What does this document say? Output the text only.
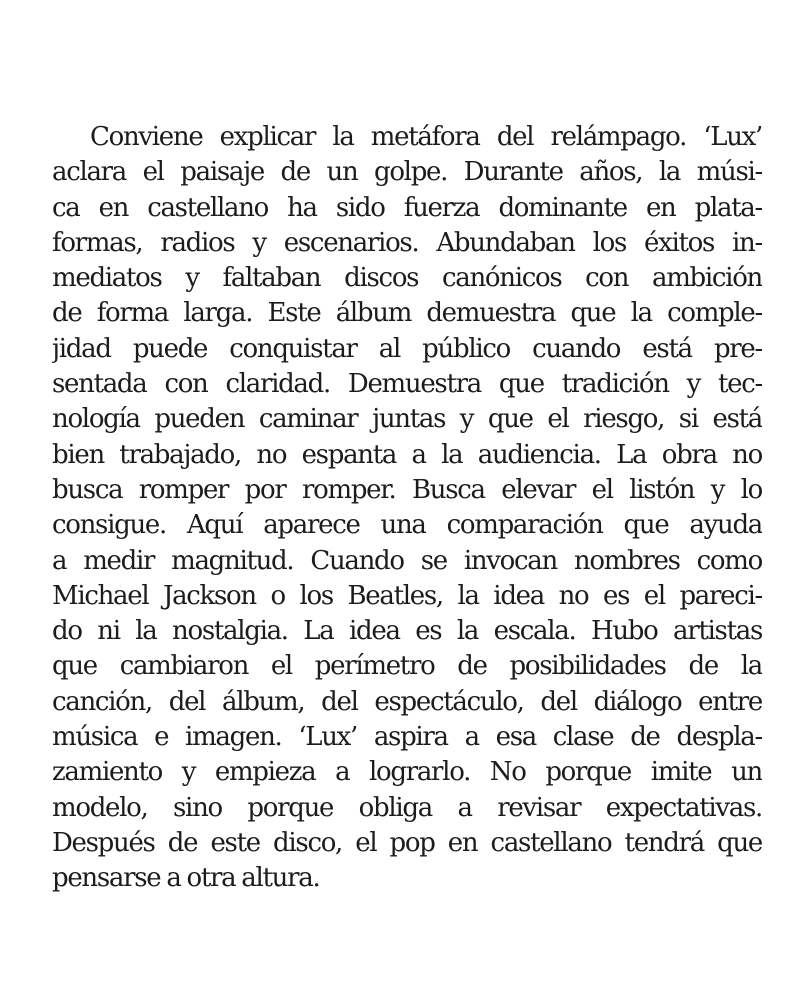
Conviene explicar la metáfora del relámpago. ‘Lux’
aclara el paisaje de un golpe. Durante años, la músi-
ca en castellano ha sido fuerza dominante en plata-
formas, radios y escenarios. Abundaban los éxitos in-
mediatos y faltaban discos canónicos con ambición
de forma larga. Este álbum demuestra que la comple-
jidad puede conquistar al público cuando está pre-
sentada con claridad. Demuestra que tradición y tec-
nología pueden caminar juntas y que el riesgo, si está
bien trabajado, no espanta a la audiencia. La obra no
busca romper por romper. Busca elevar el listón y lo
consigue. Aquí aparece una comparación que ayuda
a medir magnitud. Cuando se invocan nombres como
Michael Jackson o los Beatles, la idea no es el pareci-
do ni la nostalgia. La idea es la escala. Hubo artistas
que cambiaron el perímetro de posibilidades de la
canción, del álbum, del espectáculo, del diálogo entre
música e imagen. ‘Lux’ aspira a esa clase de despla-
zamiento y empieza a lograrlo. No porque imite un
modelo, sino porque obliga a revisar expectativas.
Después de este disco, el pop en castellano tendrá que
pensarse a otra altura.
